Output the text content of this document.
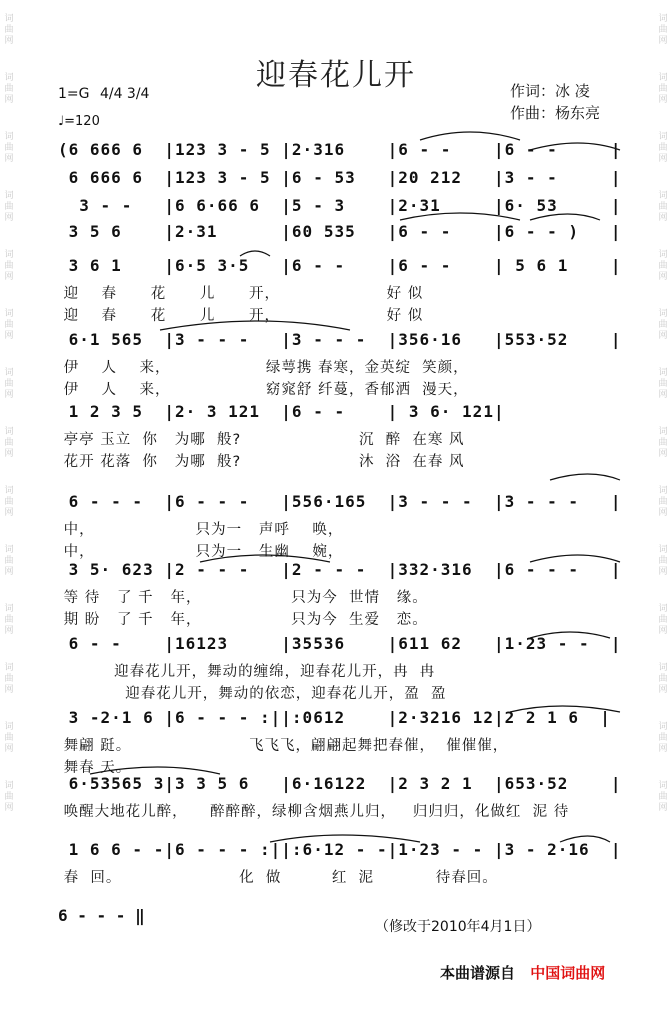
词曲网
词曲网
词曲网
词曲网
词曲网
词曲网
词曲网
词曲网
词曲网
词曲网
词曲网
词曲网
词曲网
词曲网
词曲网
词曲网
词曲网
词曲网
词曲网
词曲网
词曲网
词曲网
词曲网
词曲网
词曲网
词曲网
词曲网
词曲网
迎春花儿开	作词：冰 凌
作曲：杨东亮
1=G 4/4 3/4
♩=120
(6 666 6  |123 3 - 5 |2·316    |6 - -    |6 - -     |
6 666 6  |123 3 - 5 |6 - 53   |20 212   |3 - -     |
3 - -   |6 6·66 6  |5 - 3    |2·31     |6· 53     |
3 5 6    |2·31      |60 535   |6 - -    |6 - - )   |
3 6 1    |6·5 3·5   |6 - -    |6 - -    | 5 6 1    |
迎    春      花      儿      开，                   好 似
迎    春      花      儿      开，                   好 似
6·1 565  |3 - - -   |3 - - -  |356·16   |553·52    |
伊    人    来，                 绿萼携 春寒，金英绽  笑颜，
伊    人    来，                 窈窕舒 纤蔓，香郁洒  漫天，
1 2 3 5  |2· 3 121  |6 - -    | 3 6· 121|
亭亭 玉立  你   为哪  般?                     沉  醉  在寒 风
花开 花落  你   为哪  般?                     沐  浴  在春 风
6 - - -  |6 - - -   |556·165  |3 - - -  |3 - - -   |
中，                  只为一   声呼    唤，
中，                  只为一   生幽    婉，
3 5· 623 |2 - - -   |2 - - -  |332·316  |6 - - -   |
等 待   了 千   年，                只为今  世情   缘。
期 盼   了 千   年，                只为今  生爱   恋。
6 - -    |16123     |35536    |611 62   |1·23 - -  |
迎春花儿开，舞动的缠绵，迎春花儿开，冉  冉
迎春花儿开，舞动的依恋，迎春花儿开，盈  盈
3 -2·1 6 |6 - - - :||:0612    |2·3216 12|2 2 1 6  |
舞翩 跹。                     飞飞飞，翩翩起舞把春催，  催催催，
舞春 天。
6·53565 3|3 3 5 6   |6·16122  |2 3 2 1  |653·52    |
唤醒大地花儿醉，    醉醉醉，绿柳含烟燕儿归，   归归归，化做红  泥 待
1 6 6 - -|6 - - - :||:6·12 - -|1·23 - - |3 - 2·16  |
春  回。                     化  做         红  泥           待春回。
6 - - - ‖
（修改于2010年4月1日）
本曲谱源自 中国词曲网
